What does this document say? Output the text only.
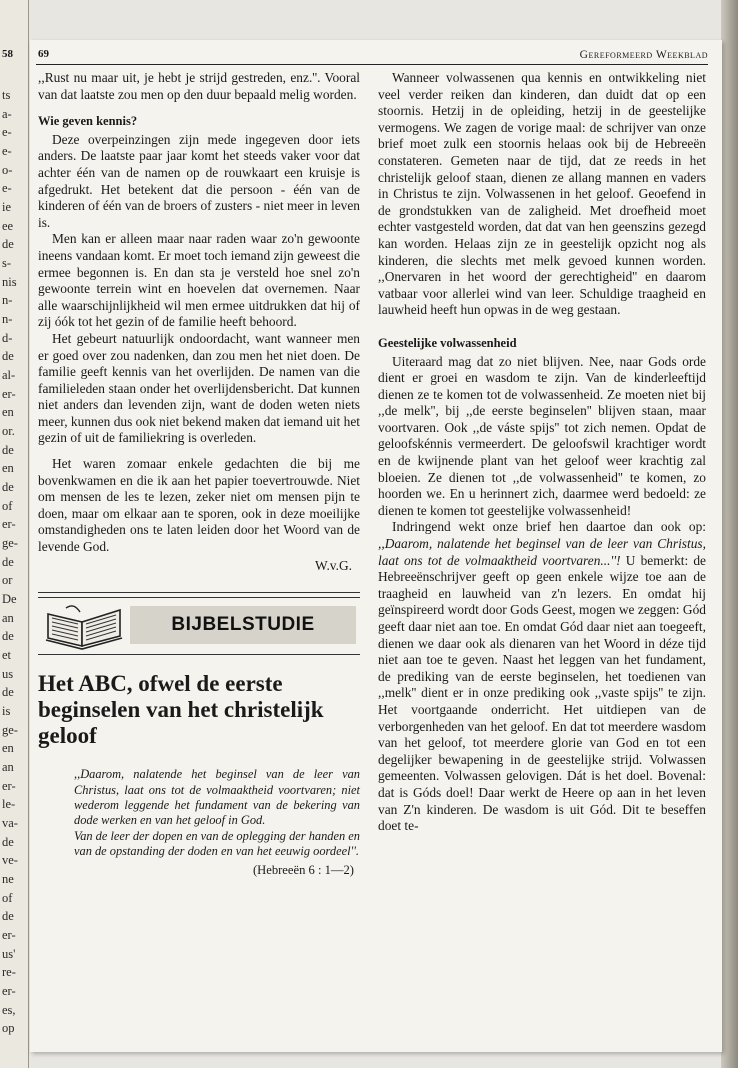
58
ts
a-
e-
e-
o-
e-
ie
ee
de
s-
nis
n-
n-
d-
de
al-
er-
en
or.
de
en
de
of
er-
ge-
de
or
De
an
de
et
us
de
is
ge-
en
an
er-
le-
va-
de
ve-
ne
of
de
er-
us'
re-
er-
es,
op
69	Gereformeerd Weekblad

,,Rust nu maar uit, je hebt je strijd gestreden, enz.''. Vooral van dat laatste zou men op den duur bepaald melig worden.

Wie geven kennis?

Deze overpeinzingen zijn mede ingegeven door iets anders. De laatste paar jaar komt het steeds vaker voor dat achter één van de namen op de rouwkaart een kruisje is afgedrukt. Het betekent dat die persoon - één van de kinderen of één van de broers of zusters - niet meer in leven is.

Men kan er alleen maar naar raden waar zo'n gewoonte ineens vandaan komt. Er moet toch iemand zijn geweest die ermee begonnen is. En dan sta je versteld hoe snel zo'n gewoonte terrein wint en hoevelen dat overnemen. Naar alle waarschijnlijkheid wil men ermee uitdrukken dat hij of zij óók tot het gezin of de familie heeft behoord.

Het gebeurt natuurlijk ondoordacht, want wanneer men er goed over zou nadenken, dan zou men het niet doen. De familie geeft kennis van het overlijden. De namen van die familieleden staan onder het overlijdensbericht. Dat kunnen niet anders dan levenden zijn, want de doden weten niets meer, kunnen dus ook niet bekend maken dat iemand uit het gezin of uit de familiekring is overleden.

Het waren zomaar enkele gedachten die bij me bovenkwamen en die ik aan het papier toevertrouwde. Niet om mensen de les te lezen, zeker niet om mensen pijn te doen, maar om elkaar aan te sporen, ook in deze moeilijke omstandigheden ons te laten leiden door het Woord van de levende God.

W.v.G.
BIJBELSTUDIE
Het ABC, ofwel de eerste beginselen van het christelijk geloof

,,Daarom, nalatende het beginsel van de leer van Christus, laat ons tot de volmaaktheid voortvaren; niet wederom leggende het fundament van de bekering van dode werken en van het geloof in God.

Van de leer der dopen en van de oplegging der handen en van de opstanding der doden en van het eeuwig oordeel''.

(Hebreeën 6 : 1—2)

Wanneer volwassenen qua kennis en ontwikkeling niet veel verder reiken dan kinderen, dan duidt dat op een stoornis. Hetzij in de opleiding, hetzij in de geestelijke vermogens. We zagen de vorige maal: de schrijver van onze brief moet zulk een stoornis helaas ook bij de Hebreeën constateren. Gemeten naar de tijd, dat ze reeds in het christelijk geloof staan, dienen ze allang mannen en vaders in Christus te zijn. Volwassenen in het geloof. Geoefend in de grondstukken van de zaligheid. Met droefheid moet echter vastgesteld worden, dat dat van hen geenszins gezegd kan worden. Helaas zijn ze in geestelijk opzicht nog als kinderen, die slechts met melk gevoed kunnen worden. ,,Onervaren in het woord der gerechtigheid'' en daarom vatbaar voor allerlei wind van leer. Schuldige traagheid en lauwheid heeft hun opwas in de weg gestaan.

Geestelijke volwassenheid

Uiteraard mag dat zo niet blijven. Nee, naar Gods orde dient er groei en wasdom te zijn. Van de kinderleeftijd dienen ze te komen tot de volwassenheid. Ze moeten niet bij ,,de melk'', bij ,,de eerste beginselen'' blijven staan, maar voortvaren. Ook ,,de váste spijs'' tot zich nemen. Opdat de geloofskénnis vermeerdert. De geloofswil krachtiger wordt en de kwijnende plant van het geloof weer krachtig zal bloeien. Ze dienen tot ,,de volwassenheid'' te komen, zo hoorden we. En u herinnert zich, daarmee werd bedoeld: ze dienen te komen tot geestelijke volwassenheid!

Indringend wekt onze brief hen daartoe dan ook op: ,,Daarom, nalatende het beginsel van de leer van Christus, laat ons tot de volmaaktheid voortvaren...''! U bemerkt: de Hebreeënschrijver geeft op geen enkele wijze toe aan de traagheid en lauwheid van z'n lezers. En omdat hij geïnspireerd wordt door Gods Geest, mogen we zeggen: Gód geeft daar niet aan toe. En omdat Gód daar niet aan toegeeft, dienen we daar ook als dienaren van het Woord in déze tijd niet aan toe te geven. Naast het leggen van het fundament, de prediking van de eerste beginselen, het toedienen van ,,melk'' dient er in onze prediking ook ,,vaste spijs'' te zijn. Het voortgaande onderricht. Het uitdiepen van de verborgenheden van het geloof. En dat tot meerdere wasdom van het geloof, tot meerdere glorie van God en tot een degelijker bewapening in de geestelijke strijd. Volwassen gemeenten. Volwassen gelovigen. Dát is het doel. Bovenal: dat is Góds doel! Daar werkt de Heere op aan in het leven van Z'n kinderen. De wasdom is uit Gód. Dit te beseffen doet te-
